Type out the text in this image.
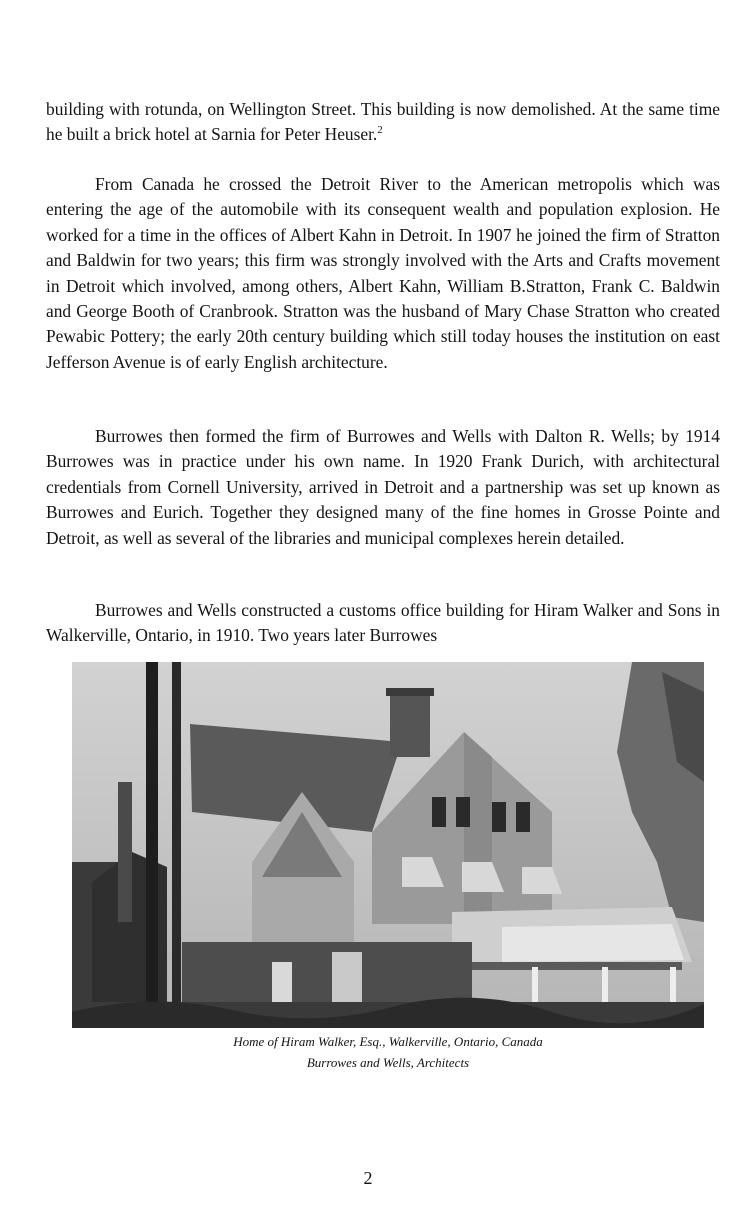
building with rotunda, on Wellington Street. This building is now demolished. At the same time he built a brick hotel at Sarnia for Peter Heuser.$^2$

From Canada he crossed the Detroit River to the American metropolis which was entering the age of the automobile with its consequent wealth and population explosion. He worked for a time in the offices of Albert Kahn in Detroit. In 1907 he joined the firm of Stratton and Baldwin for two years; this firm was strongly involved with the Arts and Crafts movement in Detroit which involved, among others, Albert Kahn, William B.Stratton, Frank C. Baldwin and George Booth of Cranbrook. Stratton was the husband of Mary Chase Stratton who created Pewabic Pottery; the early 20th century building which still today houses the institution on east Jefferson Avenue is of early English architecture.

Burrowes then formed the firm of Burrowes and Wells with Dalton R. Wells; by 1914 Burrowes was in practice under his own name. In 1920 Frank Durich, with architectural credentials from Cornell University, arrived in Detroit and a partnership was set up known as Burrowes and Eurich. Together they designed many of the fine homes in Grosse Pointe and Detroit, as well as several of the libraries and municipal complexes herein detailed.

Burrowes and Wells constructed a customs office building for Hiram Walker and Sons in Walkerville, Ontario, in 1910. Two years later Burrowes

Home of Hiram Walker, Esq., Walkerville, Ontario, Canada

Burrowes and Wells, Architects

2
